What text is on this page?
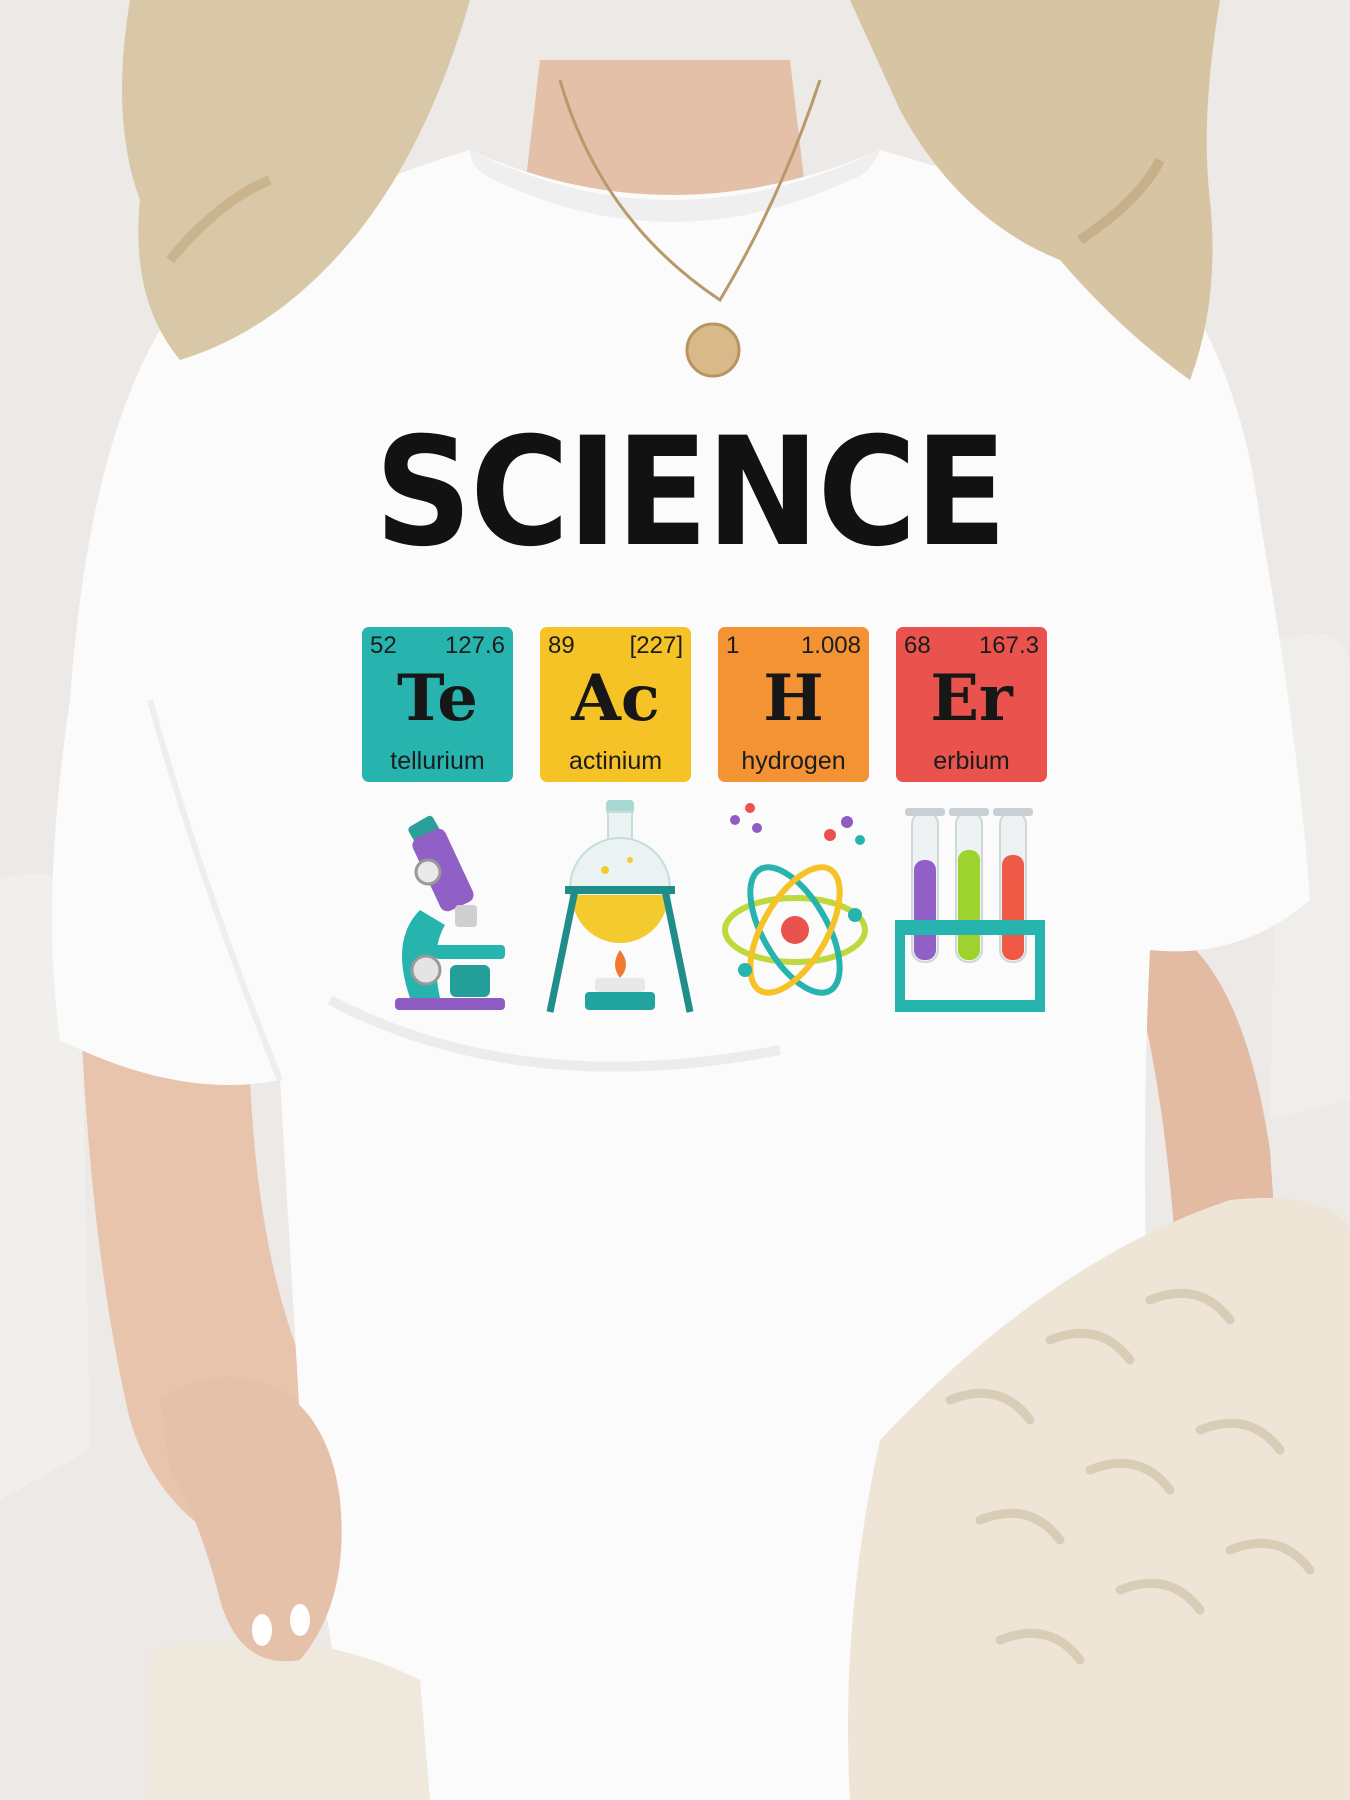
SCIENCE
52 127.6
Te
tellurium
89 [227]
Ac
actinium
1	1.008
H
hydrogen
68 167.3
Er
erbium
